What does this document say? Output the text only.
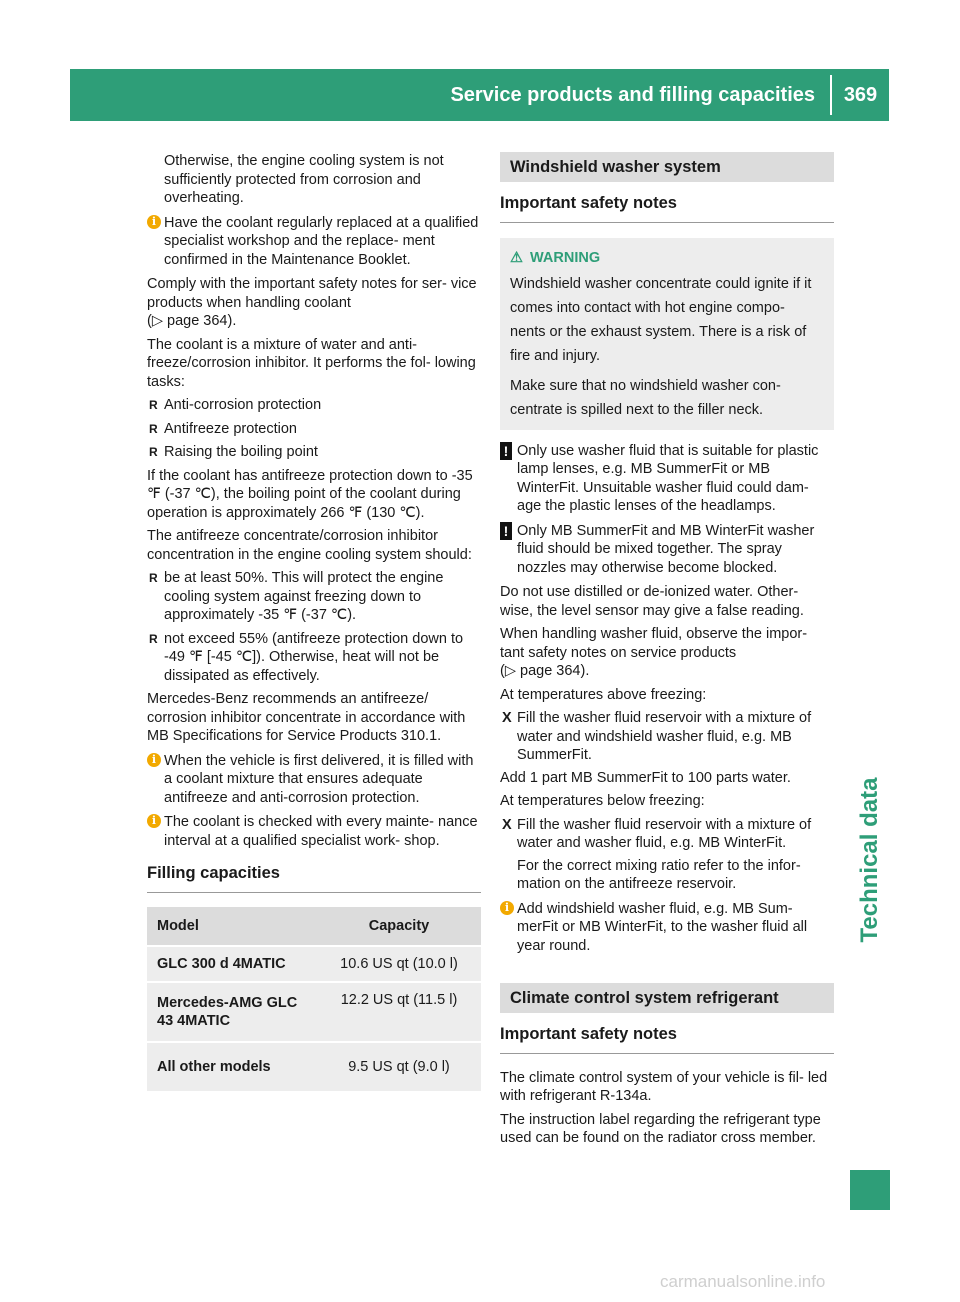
Service products and filling capacities	369
Technical data

Otherwise, the engine cooling system is not sufficiently protected from corrosion and overheating.

i Have the coolant regularly replaced at a qualified specialist workshop and the replace- ment confirmed in the Maintenance Booklet.

Comply with the important safety notes for ser- vice products when handling coolant
(▷ page 364).

The coolant is a mixture of water and anti- freeze/corrosion inhibitor. It performs the fol- lowing tasks:

R Anti-corrosion protection
R Antifreeze protection
R Raising the boiling point

If the coolant has antifreeze protection down to -35 ℉ (-37 ℃), the boiling point of the coolant during operation is approximately 266 ℉ (130 ℃).

The antifreeze concentrate/corrosion inhibitor concentration in the engine cooling system should:

R be at least 50%. This will protect the engine cooling system against freezing down to approximately -35 ℉ (-37 ℃).
R not exceed 55% (antifreeze protection down to -49 ℉ [-45 ℃]). Otherwise, heat will not be dissipated as effectively.

Mercedes-Benz recommends an antifreeze/ corrosion inhibitor concentrate in accordance with MB Specifications for Service Products 310.1.

i When the vehicle is first delivered, it is filled with a coolant mixture that ensures adequate antifreeze and anti-corrosion protection.
i The coolant is checked with every mainte- nance interval at a qualified specialist work- shop.
Filling capacities
Model	Capacity
GLC 300 d 4MATIC	10.6 US qt (10.0 l)
Mercedes-AMG GLC 43 4MATIC	12.2 US qt (11.5 l)
All other models	9.5 US qt (9.0 l)
Windshield washer system
Important safety notes
⚠ WARNING
Windshield washer concentrate could ignite if it comes into contact with hot engine compo- nents or the exhaust system. There is a risk of fire and injury.
Make sure that no windshield washer con- centrate is spilled next to the filler neck.
! Only use washer fluid that is suitable for plastic lamp lenses, e.g. MB SummerFit or MB WinterFit. Unsuitable washer fluid could dam- age the plastic lenses of the headlamps.
! Only MB SummerFit and MB WinterFit washer fluid should be mixed together. The spray nozzles may otherwise become blocked.

Do not use distilled or de-ionized water. Other- wise, the level sensor may give a false reading.

When handling washer fluid, observe the impor- tant safety notes on service products
(▷ page 364).

At temperatures above freezing:

X Fill the washer fluid reservoir with a mixture of water and windshield washer fluid, e.g. MB SummerFit.

Add 1 part MB SummerFit to 100 parts water.

At temperatures below freezing:

X Fill the washer fluid reservoir with a mixture of water and washer fluid, e.g. MB WinterFit.

For the correct mixing ratio refer to the infor- mation on the antifreeze reservoir.

i Add windshield washer fluid, e.g. MB Sum- merFit or MB WinterFit, to the washer fluid all year round.
Climate control system refrigerant
Important safety notes

The climate control system of your vehicle is fil- led with refrigerant R-134a.

The instruction label regarding the refrigerant type used can be found on the radiator cross member.

carmanualsonline.info
